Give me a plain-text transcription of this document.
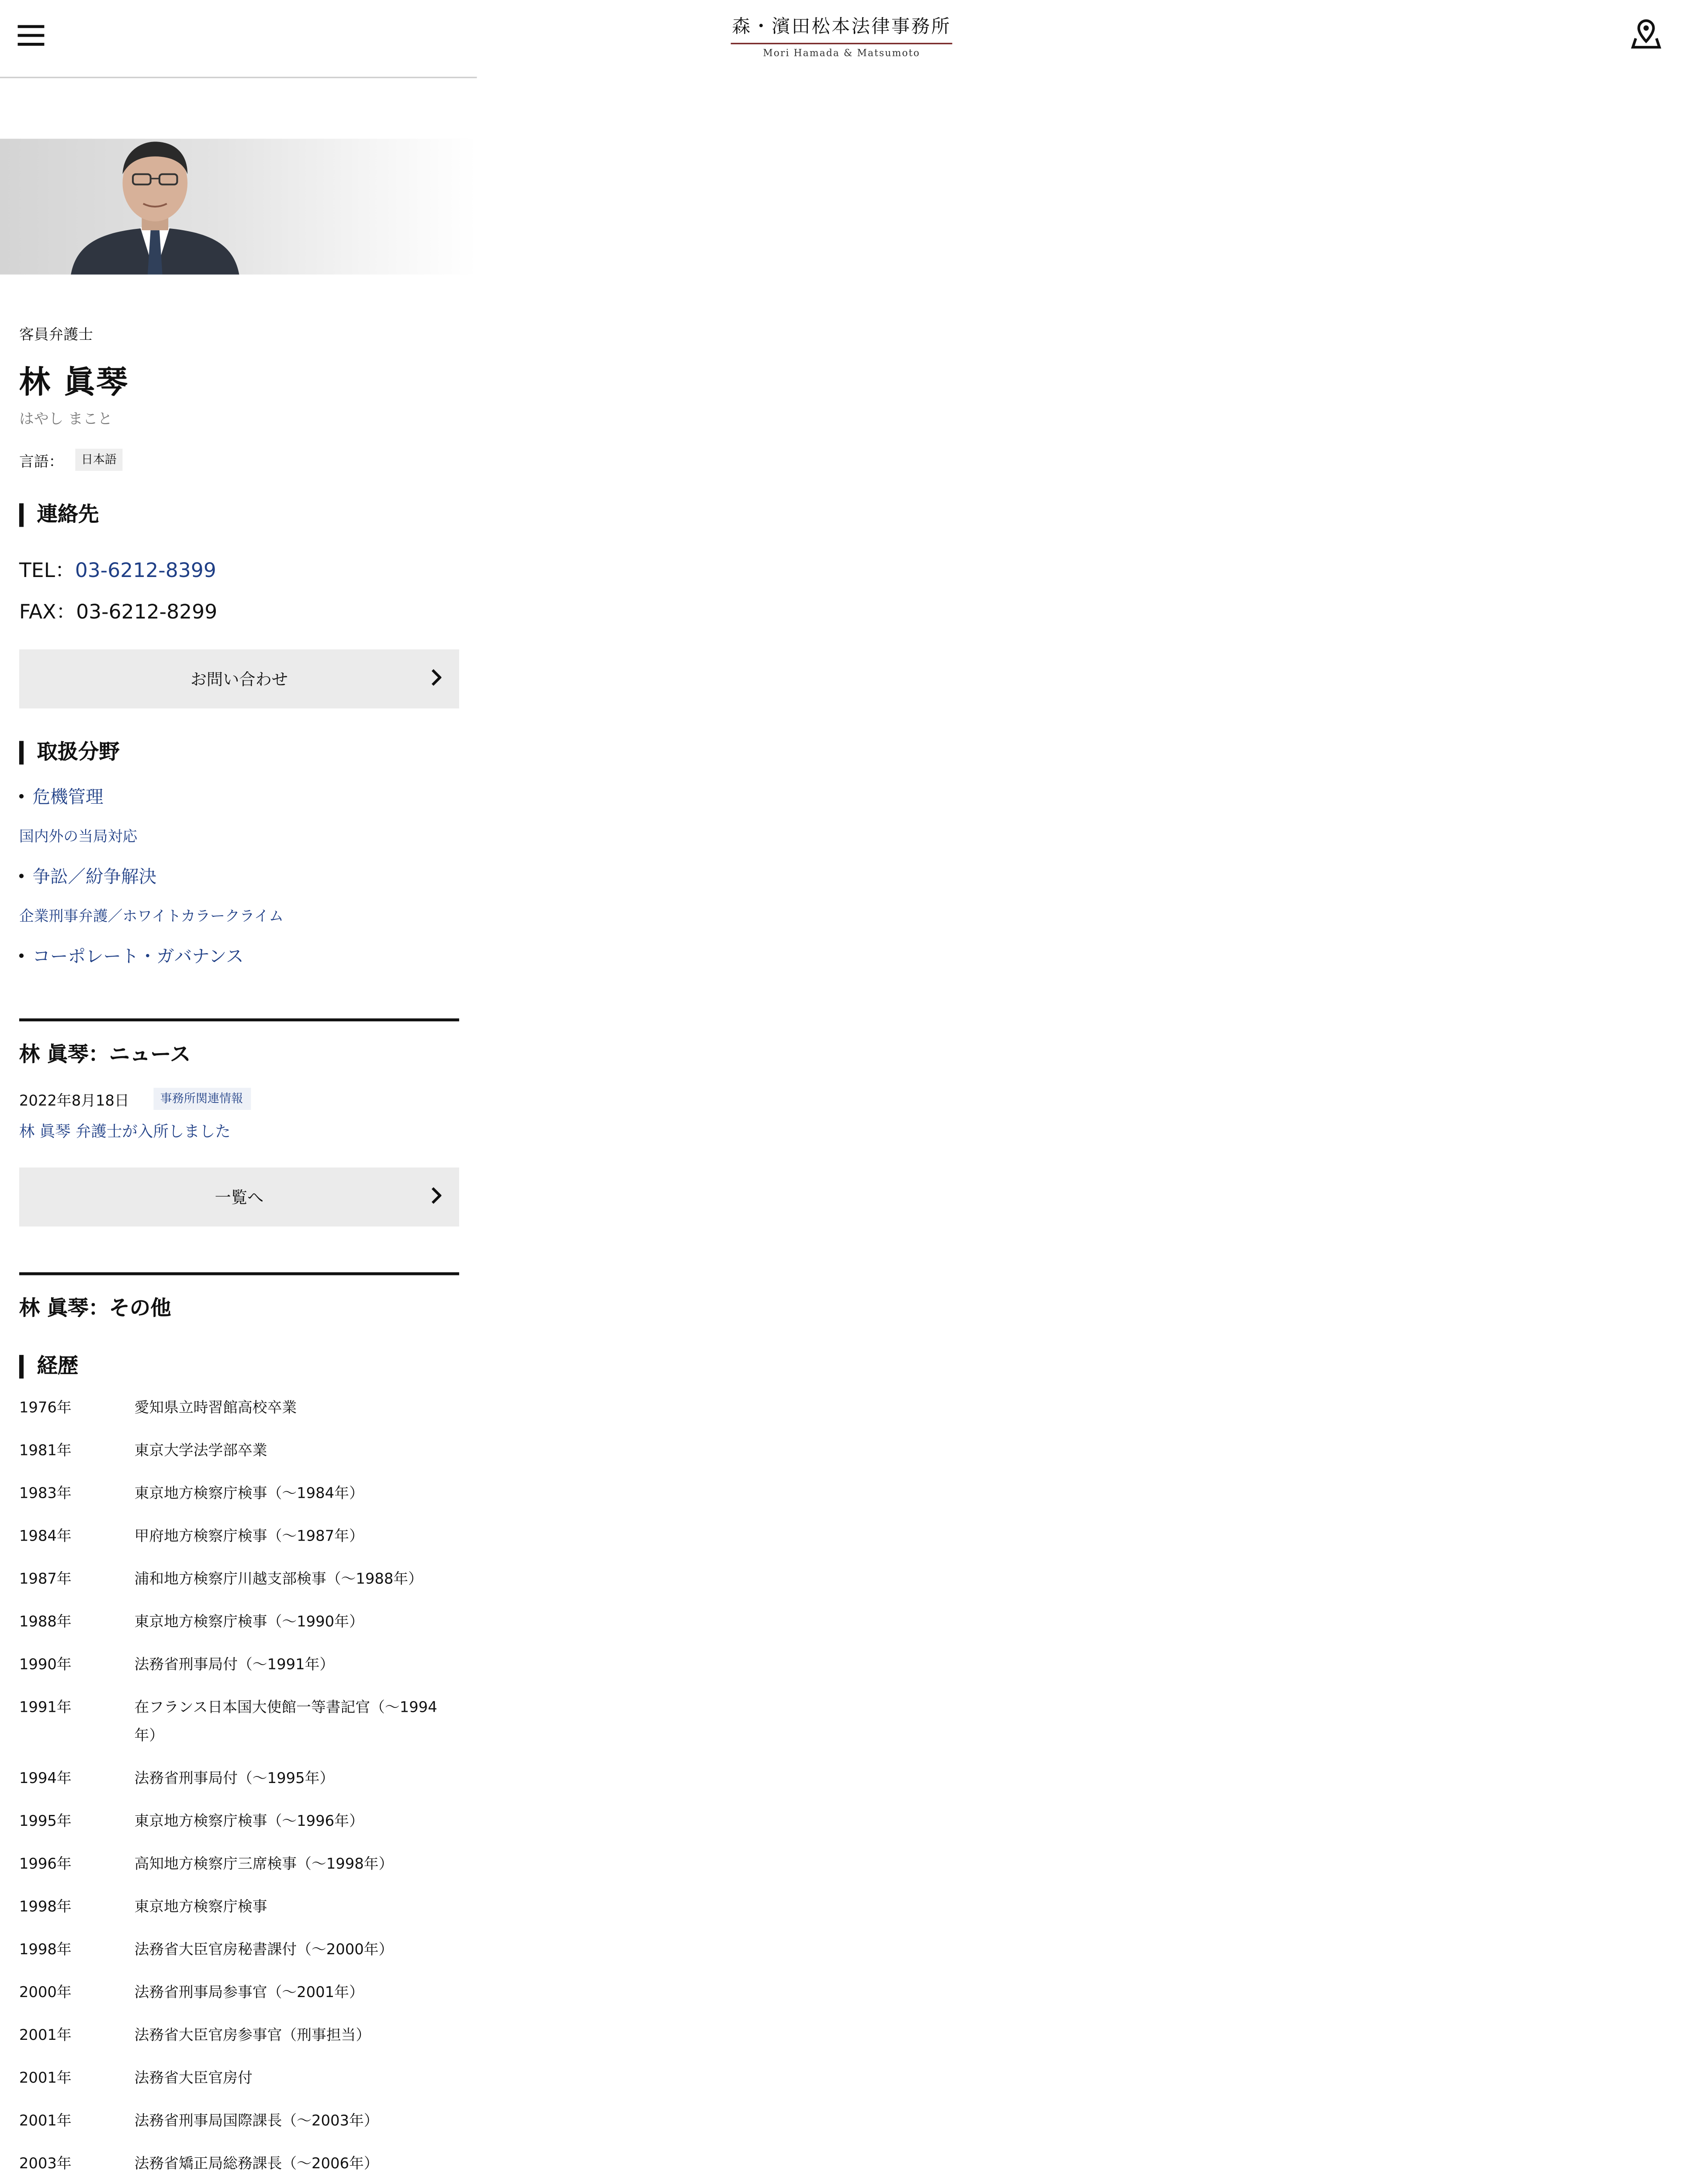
森・濱田松本法律事務所
Mori Hamada & Matsumoto
客員弁護士
林 眞琴
はやし まこと
言語：	日本語
連絡先
TEL：03-6212-8399
FAX：03-6212-8299
お問い合わせ
取扱分野
危機管理
国内外の当局対応
争訟／紛争解決
企業刑事弁護／ホワイトカラークライム
コーポレート・ガバナンス
林 眞琴：ニュース
2022年8月18日	事務所関連情報
林 眞琴 弁護士が入所しました
一覧へ
林 眞琴：その他
経歴
1976年	愛知県立時習館高校卒業
1981年	東京大学法学部卒業
1983年	東京地方検察庁検事（～1984年）
1984年	甲府地方検察庁検事（～1987年）
1987年	浦和地方検察庁川越支部検事（～1988年）
1988年	東京地方検察庁検事（～1990年）
1990年	法務省刑事局付（～1991年）
1991年	在フランス日本国大使館一等書記官（～1994年）
1994年	法務省刑事局付（～1995年）
1995年	東京地方検察庁検事（～1996年）
1996年	高知地方検察庁三席検事（～1998年）
1998年	東京地方検察庁検事
1998年	法務省大臣官房秘書課付（～2000年）
2000年	法務省刑事局参事官（～2001年）
2001年	法務省大臣官房参事官（刑事担当）
2001年	法務省大臣官房付
2001年	法務省刑事局国際課長（～2003年）
2003年	法務省矯正局総務課長（～2006年）
